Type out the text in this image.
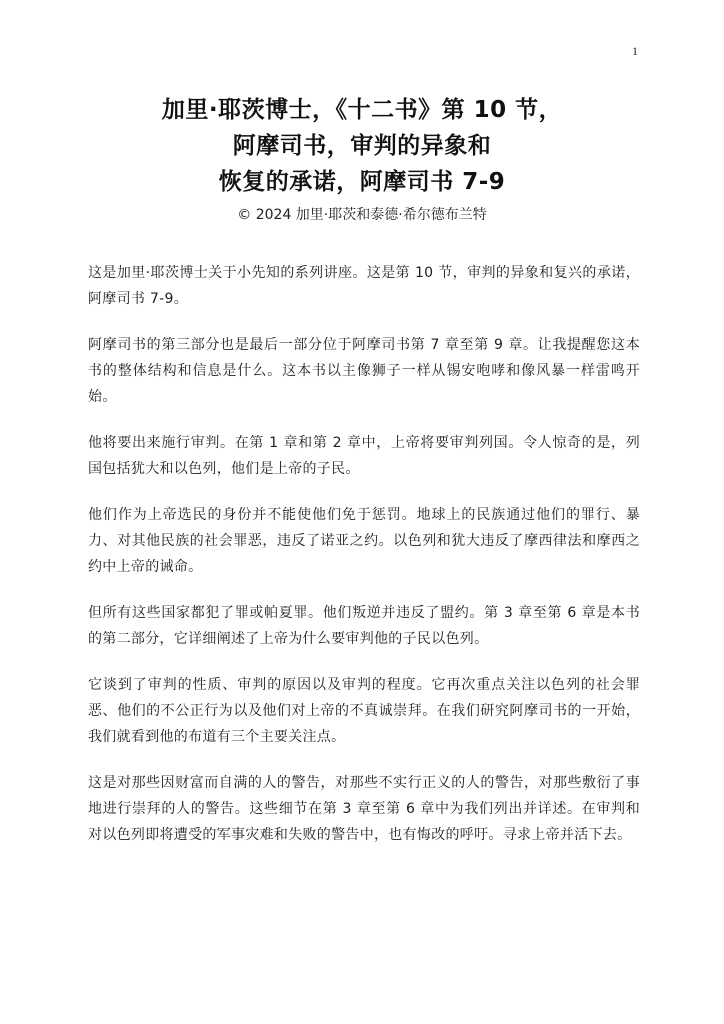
1

加里·耶茨博士，《十二书》第 10 节，

阿摩司书，审判的异象和

恢复的承诺，阿摩司书 7-9

© 2024 加里·耶茨和泰德·希尔德布兰特

这是加里·耶茨博士关于小先知的系列讲座。这是第 10 节，审判的异象和复兴的承诺，阿摩司书 7-9。

阿摩司书的第三部分也是最后一部分位于阿摩司书第 7 章至第 9 章。让我提醒您这本书的整体结构和信息是什么。这本书以主像狮子一样从锡安咆哮和像风暴一样雷鸣开始。

他将要出来施行审判。在第 1 章和第 2 章中，上帝将要审判列国。令人惊奇的是，列国包括犹大和以色列，他们是上帝的子民。

他们作为上帝选民的身份并不能使他们免于惩罚。地球上的民族通过他们的罪行、暴力、对其他民族的社会罪恶，违反了诺亚之约。以色列和犹大违反了摩西律法和摩西之约中上帝的诫命。

但所有这些国家都犯了罪或帕夏罪。他们叛逆并违反了盟约。第 3 章至第 6 章是本书的第二部分，它详细阐述了上帝为什么要审判他的子民以色列。

它谈到了审判的性质、审判的原因以及审判的程度。它再次重点关注以色列的社会罪恶、他们的不公正行为以及他们对上帝的不真诚崇拜。在我们研究阿摩司书的一开始，我们就看到他的布道有三个主要关注点。

这是对那些因财富而自满的人的警告，对那些不实行正义的人的警告，对那些敷衍了事地进行崇拜的人的警告。这些细节在第 3 章至第 6 章中为我们列出并详述。在审判和对以色列即将遭受的军事灾难和失败的警告中，也有悔改的呼吁。寻求上帝并活下去。
